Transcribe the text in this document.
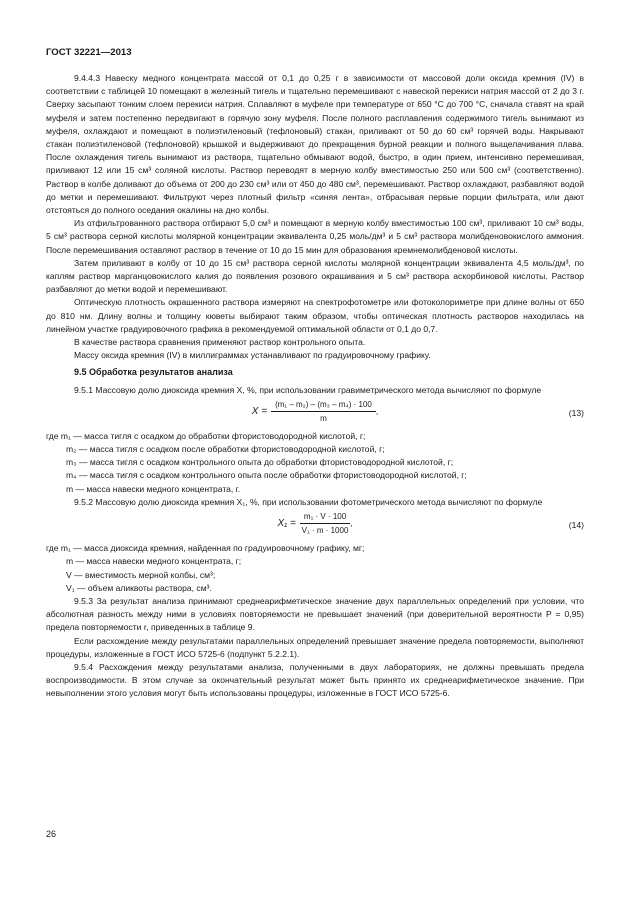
ГОСТ 32221—2013

9.4.4.3 Навеску медного концентрата массой от 0,1 до 0,25 г в зависимости от массовой доли оксида кремния (IV) в соответствии с таблицей 10 помещают в железный тигель и тщательно перемешивают с навеской перекиси натрия массой от 2 до 3 г. Сверху засыпают тонким слоем перекиси натрия. Сплавляют в муфеле при температуре от 650 °С до 700 °С, сначала ставят на край муфеля и затем постепенно передвигают в горячую зону муфеля. После полного расплавления содержимого тигель вынимают из муфеля, охлаждают и помещают в полиэтиленовый (тефлоновый) стакан, приливают от 50 до 60 см³ горячей воды. Накрывают стакан полиэтиленовой (тефлоновой) крышкой и выдерживают до прекращения бурной реакции и полного выщелачивания плава. После охлаждения тигель вынимают из раствора, тщательно обмывают водой, быстро, в один прием, интенсивно перемешивая, приливают 12 или 15 см³ соляной кислоты. Раствор переводят в мерную колбу вместимостью 250 или 500 см³ (соответственно). Раствор в колбе доливают до объема от 200 до 230 см³ или от 450 до 480 см³, перемешивают. Раствор охлаждают, разбавляют водой до метки и перемешивают. Фильтруют через плотный фильтр «синяя лента», отбрасывая первые порции фильтрата, или дают отстояться до полного оседания окалины на дно колбы.

Из отфильтрованного раствора отбирают 5,0 см³ и помещают в мерную колбу вместимостью 100 см³, приливают 10 см³ воды, 5 см³ раствора серной кислоты молярной концентрации эквивалента 0,25 моль/дм³ и 5 см³ раствора молибденовокислого аммония. После перемешивания оставляют раствор в течение от 10 до 15 мин для образования кремнемолибденовой кислоты.

Затем приливают в колбу от 10 до 15 см³ раствора серной кислоты молярной концентрации эквивалента 4,5 моль/дм³, по каплям раствор марганцовокислого калия до появления розового окрашивания и 5 см³ раствора аскорбиновой кислоты. Раствор разбавляют до метки водой и перемешивают.

Оптическую плотность окрашенного раствора измеряют на спектрофотометре или фотоколориметре при длине волны от 650 до 810 нм. Длину волны и толщину кюветы выбирают таким образом, чтобы оптическая плотность растворов находилась на линейном участке градуировочного графика в рекомендуемой оптимальной области от 0,1 до 0,7.

В качестве раствора сравнения применяют раствор контрольного опыта.

Массу оксида кремния (IV) в миллиграммах устанавливают по градуировочному графику.

9.5 Обработка результатов анализа

9.5.1 Массовую долю диоксида кремния X, %, при использовании гравиметрического метода вычисляют по формуле

$X = \frac{\text{(m₁ – m₂) – (m₃ – m₄) · 100}}{m}$ ,	(13)
где m₁ — масса тигля с осадком до обработки фтористоводородной кислотой, г;
m₂ — масса тигля с осадком после обработки фтористоводородной кислотой, г;
m₃ — масса тигля с осадком контрольного опыта до обработки фтористоводородной кислотой, г;
m₄ — масса тигля с осадком контрольного опыта после обработки фтористоводородной кислотой, г;
m — масса навески медного концентрата, г.

9.5.2 Массовую долю диоксида кремния X₁, %, при использовании фотометрического метода вычисляют по формуле

$X_1 = \frac{\text{m₁ · V · 100}}{\text{V₁ · m · 1000}}$ ,	(14)
где m₁ — масса диоксида кремния, найденная по градуировочному графику, мг;
m — масса навески медного концентрата, г;
V — вместимость мерной колбы, см³;
V₁ — объем аликвоты раствора, см³.

9.5.3 За результат анализа принимают среднеарифметическое значение двух параллельных определений при условии, что абсолютная разность между ними в условиях повторяемости не превышает значений (при доверительной вероятности P = 0,95) предела повторяемости r, приведенных в таблице 9.

Если расхождение между результатами параллельных определений превышает значение предела повторяемости, выполняют процедуры, изложенные в ГОСТ ИСО 5725-6 (подпункт 5.2.2.1).

9.5.4 Расхождения между результатами анализа, полученными в двух лабораториях, не должны превышать предела воспроизводимости. В этом случае за окончательный результат может быть принято их среднеарифметическое значение. При невыполнении этого условия могут быть использованы процедуры, изложенные в ГОСТ ИСО 5725-6.

26
